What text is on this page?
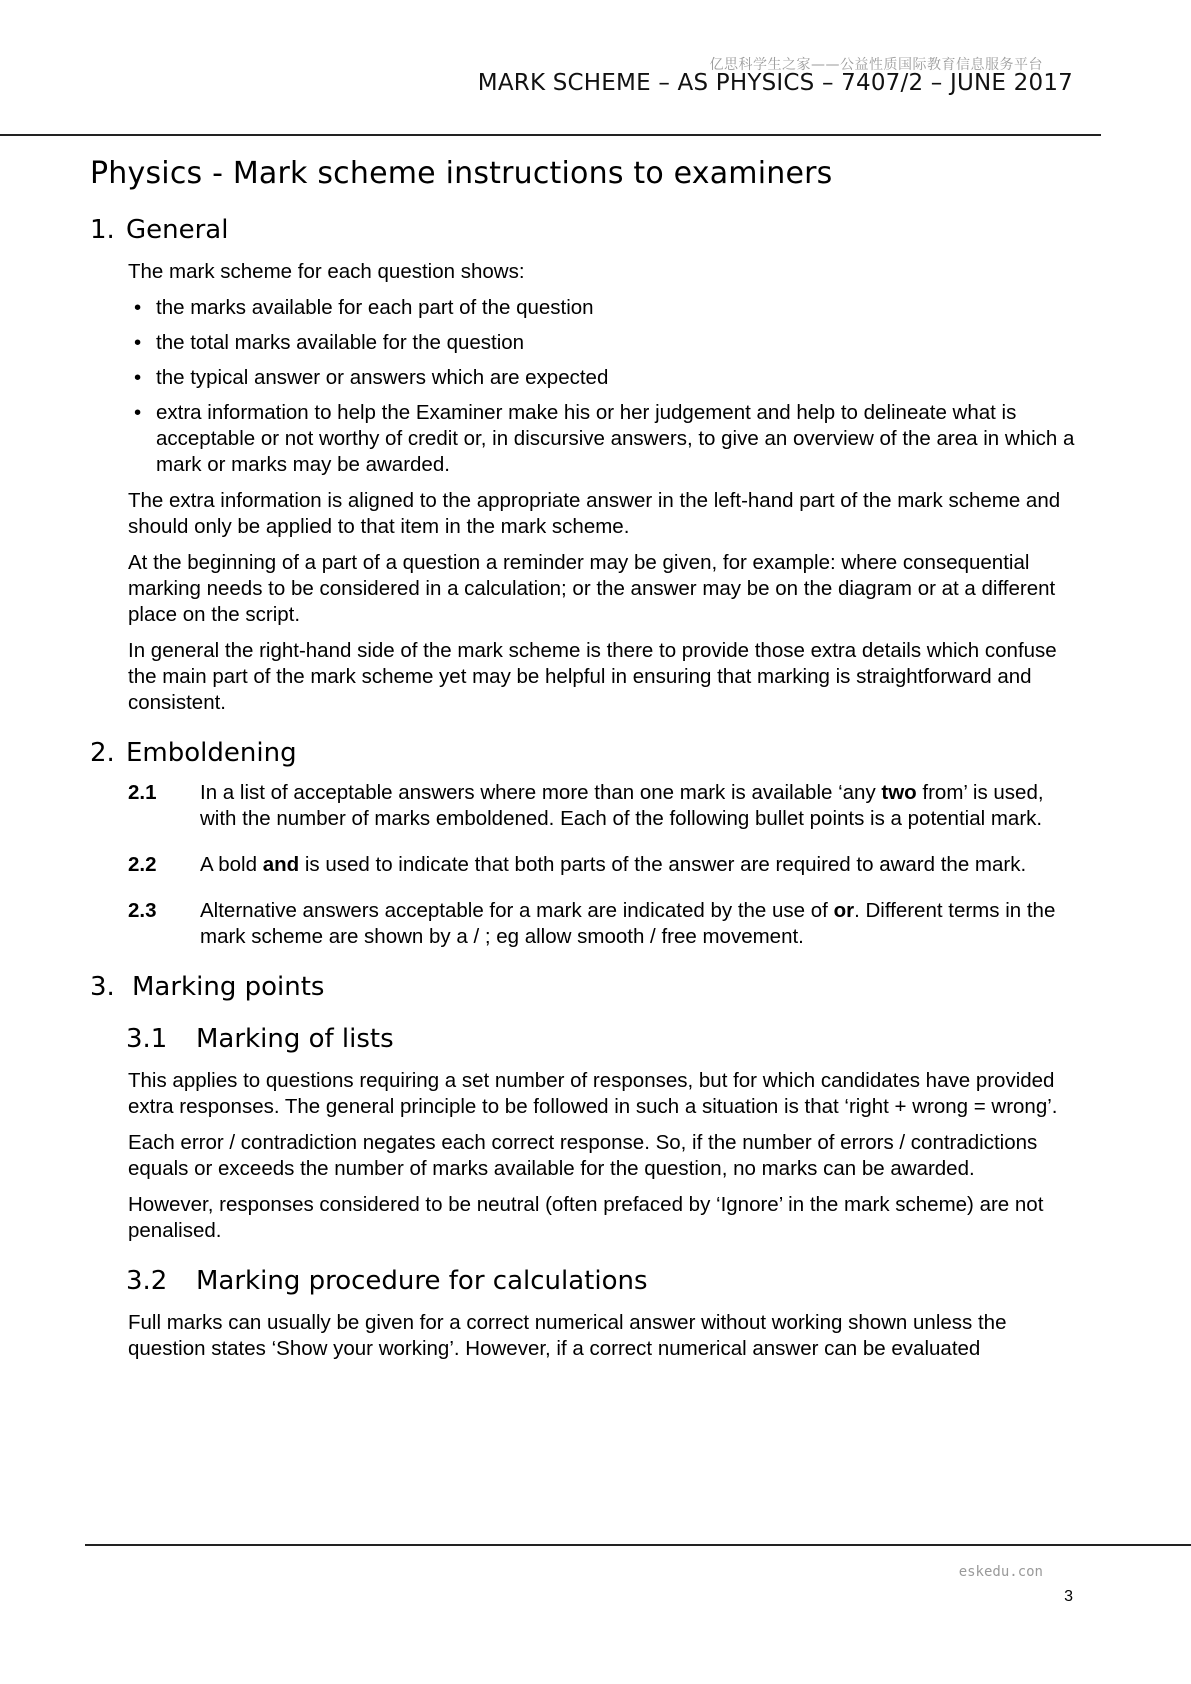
亿思科学生之家——公益性质国际教育信息服务平台
MARK SCHEME – AS PHYSICS – 7407/2 – JUNE 2017
Physics - Mark scheme instructions to examiners
1. General

The mark scheme for each question shows:

• the marks available for each part of the question
• the total marks available for the question
• the typical answer or answers which are expected
• extra information to help the Examiner make his or her judgement and help to delineate what is acceptable or not worthy of credit or, in discursive answers, to give an overview of the area in which a mark or marks may be awarded.

The extra information is aligned to the appropriate answer in the left-hand part of the mark scheme and should only be applied to that item in the mark scheme.

At the beginning of a part of a question a reminder may be given, for example: where consequential marking needs to be considered in a calculation; or the answer may be on the diagram or at a different place on the script.

In general the right-hand side of the mark scheme is there to provide those extra details which confuse the main part of the mark scheme yet may be helpful in ensuring that marking is straightforward and consistent.

2. Emboldening
2.1	In a list of acceptable answers where more than one mark is available ‘any two from’ is used, with the number of marks emboldened. Each of the following bullet points is a potential mark.
2.2	A bold and is used to indicate that both parts of the answer are required to award the mark.
2.3	Alternative answers acceptable for a mark are indicated by the use of or. Different terms in the mark scheme are shown by a / ; eg allow smooth / free movement.
3. Marking points
3.1	Marking of lists

This applies to questions requiring a set number of responses, but for which candidates have provided extra responses. The general principle to be followed in such a situation is that ‘right + wrong = wrong’.

Each error / contradiction negates each correct response. So, if the number of errors / contradictions equals or exceeds the number of marks available for the question, no marks can be awarded.

However, responses considered to be neutral (often prefaced by ‘Ignore’ in the mark scheme) are not penalised.

3.2	Marking procedure for calculations

Full marks can usually be given for a correct numerical answer without working shown unless the question states ‘Show your working’. However, if a correct numerical answer can be evaluated

eskedu.con
3
